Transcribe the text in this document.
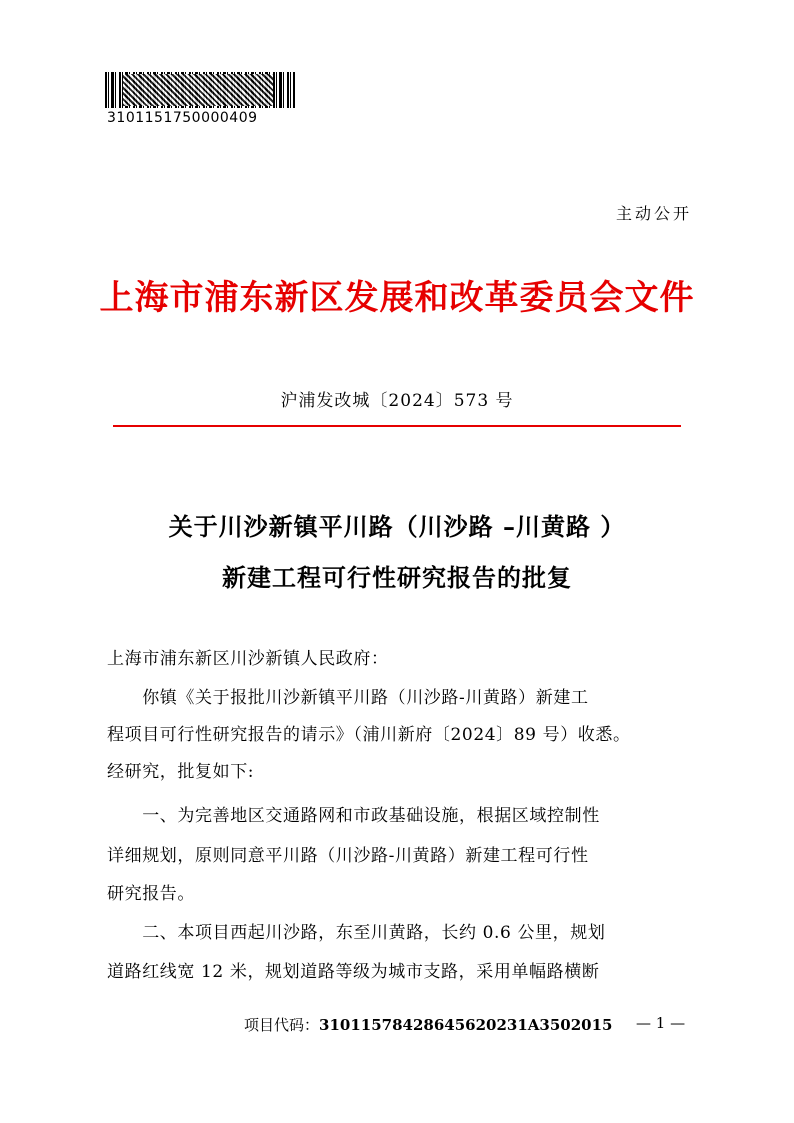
3101151750000409
主动公开
上海市浦东新区发展和改革委员会文件
沪浦发改城〔2024〕573 号
关于川沙新镇平川路（川沙路 –川黄路 ）
新建工程可行性研究报告的批复
上海市浦东新区川沙新镇人民政府：
　　你镇《关于报批川沙新镇平川路（川沙路-川黄路）新建工
程项目可行性研究报告的请示》（浦川新府〔2024〕89 号）收悉。
经研究，批复如下:
　　一、为完善地区交通路网和市政基础设施，根据区域控制性
详细规划，原则同意平川路（川沙路-川黄路）新建工程可行性
研究报告。
　　二、本项目西起川沙路，东至川黄路，长约 0.6 公里，规划
道路红线宽 12 米，规划道路等级为城市支路，采用单幅路横断
项目代码：31011578428645620231A3502015 — 1 —
